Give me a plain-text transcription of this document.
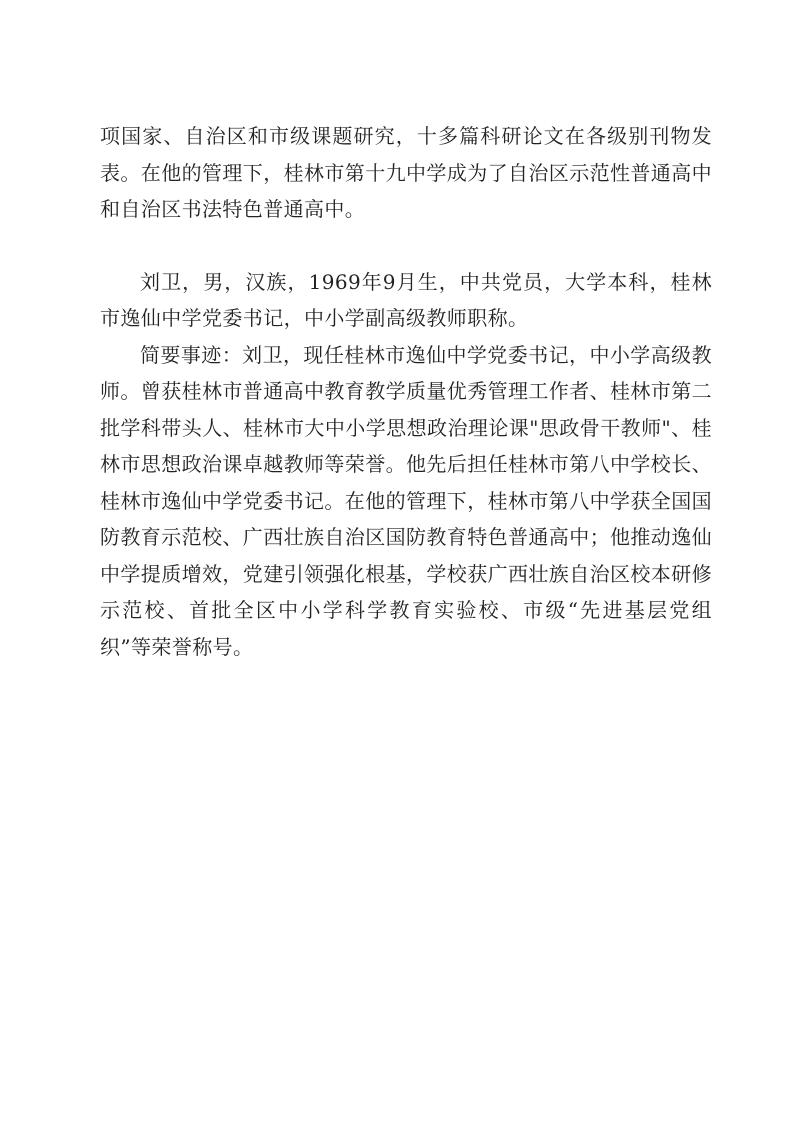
项国家、自治区和市级课题研究，十多篇科研论文在各级别刊物发表。在他的管理下，桂林市第十九中学成为了自治区示范性普通高中和自治区书法特色普通高中。

刘卫，男，汉族，1969年9月生，中共党员，大学本科，桂林市逸仙中学党委书记，中小学副高级教师职称。

简要事迹：刘卫，现任桂林市逸仙中学党委书记，中小学高级教师。曾获桂林市普通高中教育教学质量优秀管理工作者、桂林市第二批学科带头人、桂林市大中小学思想政治理论课"思政骨干教师"、桂林市思想政治课卓越教师等荣誉。他先后担任桂林市第八中学校长、桂林市逸仙中学党委书记。在他的管理下，桂林市第八中学获全国国防教育示范校、广西壮族自治区国防教育特色普通高中；他推动逸仙中学提质增效，党建引领强化根基，学校获广西壮族自治区校本研修示范校、首批全区中小学科学教育实验校、市级“先进基层党组织”等荣誉称号。
